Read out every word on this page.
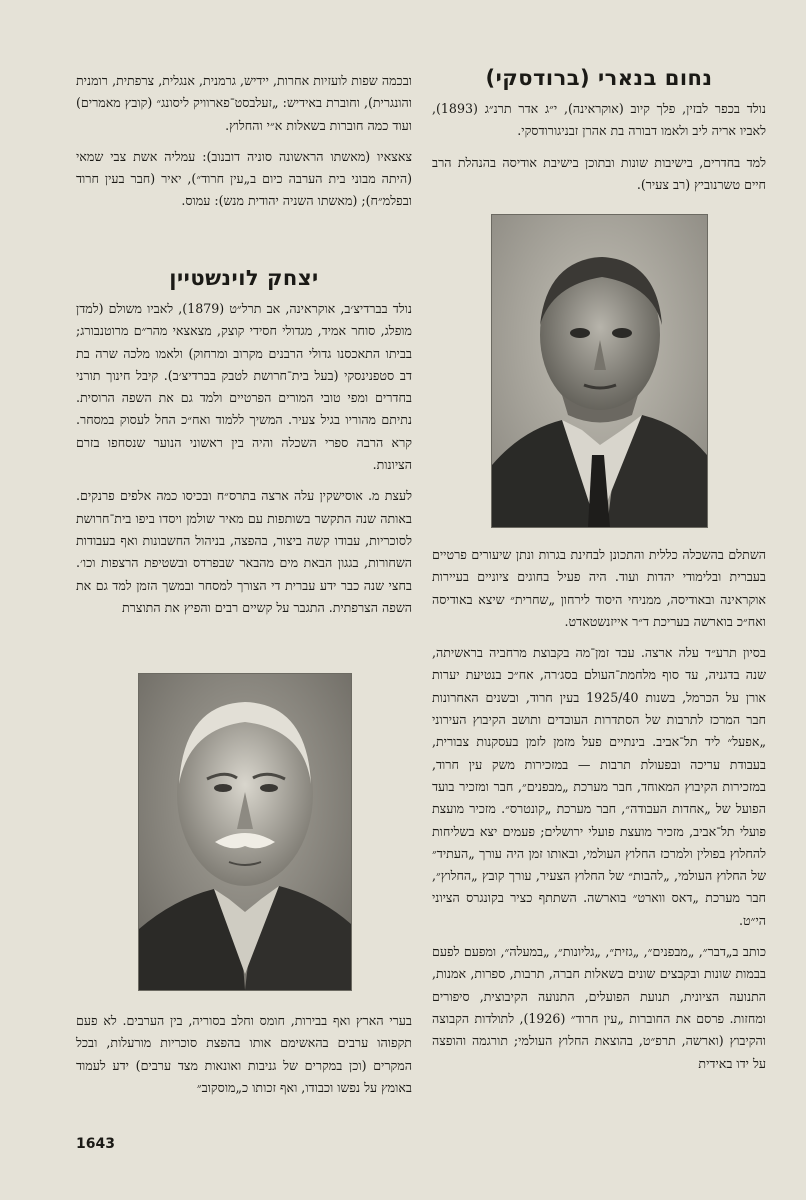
נחום בנארי (ברודסקי)

נולד בכפר לבזין, פלך קיוב (אוקראינה), י״ג אדר תרנ״ג (1893), לאביו אריה ליב ולאמו דבורה בת אהרן זבניגורודסקי.

למד בחדרים, בישיבות שונות ובתוכן בישיבת אודיסה בהנהלת הרב חיים טשרנוביץ (רב צעיר).

השתלם בהשכלה כללית והתכונן לבחינת בגרות ונתן שיעורים פרטיים בעברית ובלימודי יהדות ועוד. היה פעיל בחוגים ציוניים בעיירות אוקראינה ובאודיסה, ממניחי היסוד לירחון „שחרית״ שיצא באודיסה ואח״כ בוארשה בעריכת ד״ר אייזנשטאדט.

בסיון תרע״ד עלה ארצה. עבד זמן־מה בקבוצת מרחביה בראשיתה, שנה בדגניה, עד סוף מלחמת־העולם בסג׳רה, אח״כ בנטיעת יערות אורן על הכרמל, בשנות 1925/40 בעין חרוד, ובשנים האחרונות חבר המרכז לתרבות של הסתדרות העובדים ותושב הקיבוץ העירוני „אפעל״ ליד תל־אביב. בינתיים פעל מזמן לזמן בעסקנות צבורית, בעבודת עריכה ובפעולת תרבות — במזכירות משק עין חרוד, במזכירות הקיבוץ המאוחד, חבר מערכת „מבפנים״, חבר ומזכיר בועד הפועל של „אחדות העבודה״, חבר מערכת „קונטרס״. מזכיר מועצת פועלי תל־אביב, מזכיר מועצת פועלי ירושלים; פעמים יצא בשליחות להחלוץ בפולין ולמרכז החלוץ העולמי, ובאותו זמן היה עורך „העתיד״ של החלוץ העולמי, „להבות״ של החלוץ הצעיר, עורך קובץ „החלוץ״, חבר מערכת „דאס ווארט״ בוארשה. השתתף כציר בקונגרס הציוני הי״ט.

כותב ב„דבר״, „מבפנים״, „גזית״, „גליונות״, „במעלה״, ומפעם לפעם בבמות שונות ובקבצים שונים בשאלות חברה, תרבות, ספרות, אמנות, התנועה הציונית, תנועת הפועלים, התנועה הקיבוצית, סיפורים ומחזות. פרסם את החוברות „עין חרוד״ (1926), לתולדות הקבוצה והקיבוץ (וארשה, תרפ״ט, בהוצאת החלוץ העולמי; תורגמה והופצה על ידו באידית

ובכמה שפות לועזיות אחרות, יידיש, גרמנית, אנגלית, צרפתית, רומנית והונגרית), וחוברת באידיש: „זעלבסט־פארוויק ליסונג״ (קובץ מאמרים) ועוד כמה חוברות בשאלות א״י והחלוץ.

צאצאיו (מאשתו הראשונה סוניה דובנוב): עמליה אשת צבי שמאי (היתה מבוני בית הערבה כיום ב„עין חרוד״), יאיר (חבר בעין חרוד ובפלמ״ח); (מאשתו השניה יהודית מנש): עמוס.

יצחק לוינשטיין

נולד בברדיצ׳ב, אוקראינה, אב תרל״ט (1879), לאביו משולם (למדן מופלג, סוחר אמיד, מגדולי חסידי קוצק, מצאצאי מהר״ם מרוטנבורג; בביתו התאכסנו גדולי הרבנים מקרוב ומרחוק) ולאמו מלכה שרה בת דב סטפנינסקי (בעל בית־חרושת לטבק בברדיצ׳ב). קיבל חינוך תורני בחדרים ומפי טובי המורים הפרטיים ולמד גם את השפה הרוסית. נתיתם מהוריו בגיל צעיר. המשיך ללמוד ואח״כ החל לעסוק במסחר. קרא הרבה ספרי השכלה והיה בין ראשוני הנוער שנסחפו בזרם הציונות.

לעצת מ. אוסישקין עלה ארצה בתרס״ח ובכיסו כמה אלפים פרנקים. באותה שנה התקשר בשותפות עם מאיר שולמן ויסדו ביפו בית־חרושת לסוכריות, עבודו קשה ביצור, בהפצה, בניהול החשבונות ואף בעבודות השחורות, בגגון הבאת מים מהבאר שבפרדס ובשטיפת הרצפות וכו׳. בחצי שנה כבר ידע עברית די הצורך למסחר ובמשך הזמן למד גם את השפה הצרפתית. התגבר על קשיים רבים והפיץ את התוצרת

בערי הארץ ואף בבירות, חומס וחלב בסוריה, בין הערבים. לא פעם תקפוהו ערבים בהאשימם אותו בהפצת סוכריות מורעלות, ובכל המקרים (וכן במקרים של גניבות ואונאות מצד ערבים) ידע לעמוד באומץ על נפשו וכבודו, ואף זכותו כ„מוסקוב״

1643
